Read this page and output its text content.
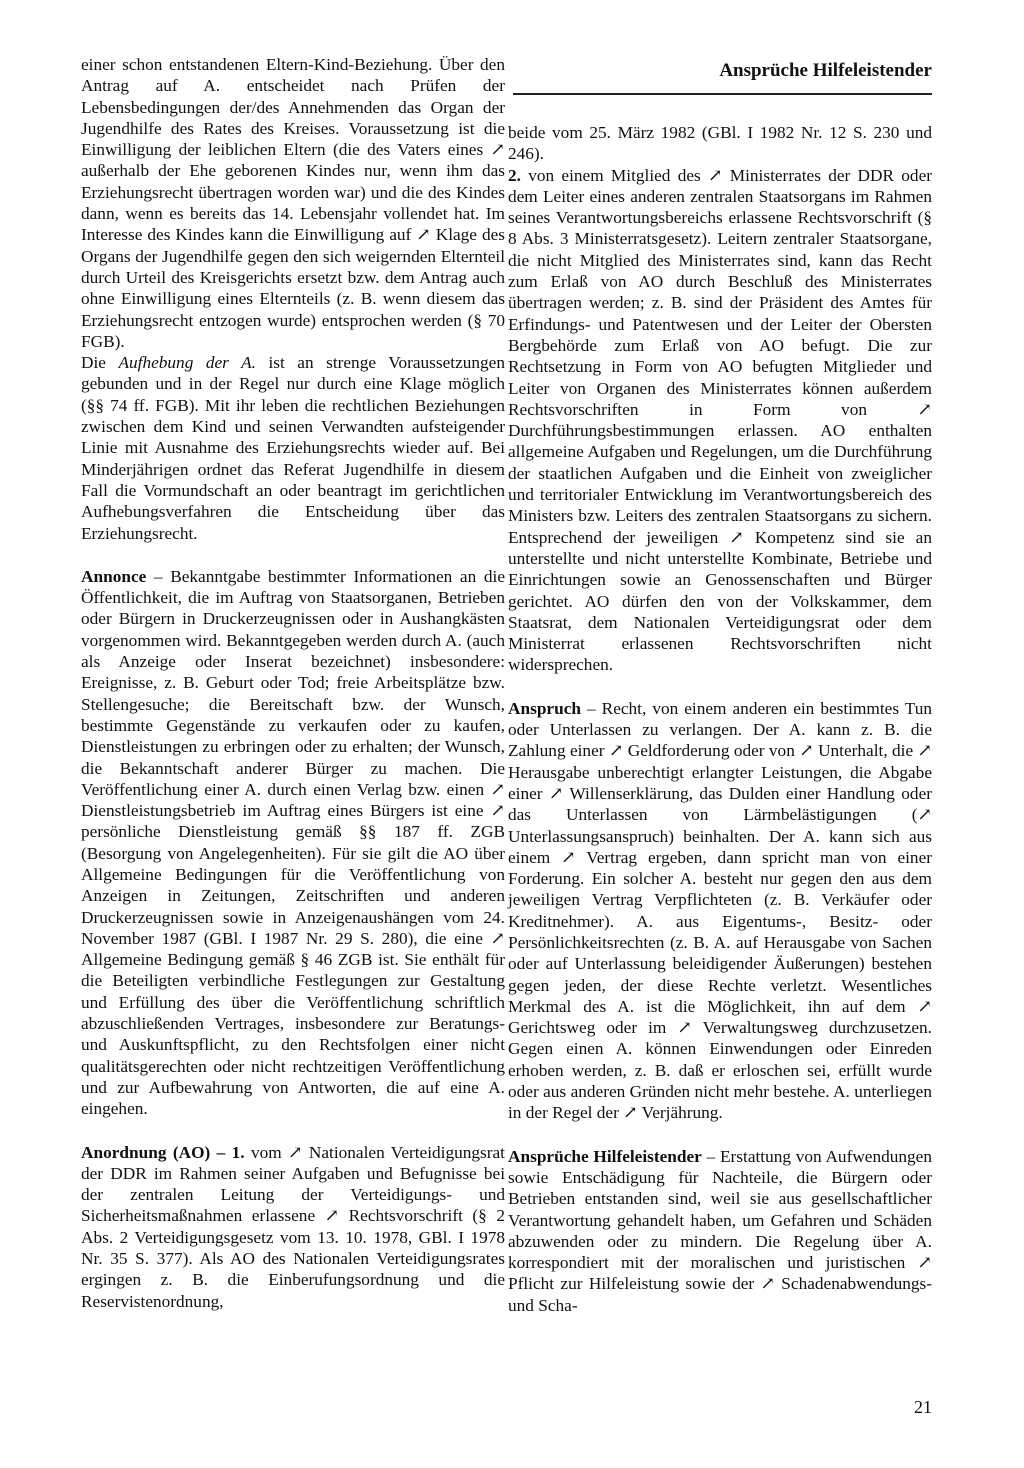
Ansprüche Hilfeleistender

einer schon entstandenen Eltern-Kind-Beziehung. Über den Antrag auf A. entscheidet nach Prüfen der Lebensbedingungen der/des Annehmenden das Organ der Jugendhilfe des Rates des Kreises. Voraussetzung ist die Einwilligung der leiblichen Eltern (die des Vaters eines ↗ außerhalb der Ehe geborenen Kindes nur, wenn ihm das Erziehungsrecht übertragen worden war) und die des Kindes dann, wenn es bereits das 14. Lebensjahr vollendet hat. Im Interesse des Kindes kann die Einwilligung auf ↗ Klage des Organs der Jugendhilfe gegen den sich weigernden Elternteil durch Urteil des Kreisgerichts ersetzt bzw. dem Antrag auch ohne Einwilligung eines Elternteils (z. B. wenn diesem das Erziehungsrecht entzogen wurde) entsprochen werden (§ 70 FGB).

Die Aufhebung der A. ist an strenge Voraussetzungen gebunden und in der Regel nur durch eine Klage möglich (§§ 74 ff. FGB). Mit ihr leben die rechtlichen Beziehungen zwischen dem Kind und seinen Verwandten aufsteigender Linie mit Ausnahme des Erziehungsrechts wieder auf. Bei Minderjährigen ordnet das Referat Jugendhilfe in diesem Fall die Vormundschaft an oder beantragt im gerichtlichen Aufhebungsverfahren die Entscheidung über das Erziehungsrecht.

Annonce – Bekanntgabe bestimmter Informationen an die Öffentlichkeit, die im Auftrag von Staatsorganen, Betrieben oder Bürgern in Druckerzeugnissen oder in Aushangkästen vorgenommen wird. Bekanntgegeben werden durch A. (auch als Anzeige oder Inserat bezeichnet) insbesondere: Ereignisse, z. B. Geburt oder Tod; freie Arbeitsplätze bzw. Stellengesuche; die Bereitschaft bzw. der Wunsch, bestimmte Gegenstände zu verkaufen oder zu kaufen, Dienstleistungen zu erbringen oder zu erhalten; der Wunsch, die Bekanntschaft anderer Bürger zu machen. Die Veröffentlichung einer A. durch einen Verlag bzw. einen ↗ Dienstleistungsbetrieb im Auftrag eines Bürgers ist eine ↗ persönliche Dienstleistung gemäß §§ 187 ff. ZGB (Besorgung von Angelegenheiten). Für sie gilt die AO über Allgemeine Bedingungen für die Veröffentlichung von Anzeigen in Zeitungen, Zeitschriften und anderen Druckerzeugnissen sowie in Anzeigenaushängen vom 24. November 1987 (GBl. I 1987 Nr. 29 S. 280), die eine ↗ Allgemeine Bedingung gemäß § 46 ZGB ist. Sie enthält für die Beteiligten verbindliche Festlegungen zur Gestaltung und Erfüllung des über die Veröffentlichung schriftlich abzuschließenden Vertrages, insbesondere zur Beratungs- und Auskunftspflicht, zu den Rechtsfolgen einer nicht qualitätsgerechten oder nicht rechtzeitigen Veröffentlichung und zur Aufbewahrung von Antworten, die auf eine A. eingehen.

Anordnung (AO) – 1. vom ↗ Nationalen Verteidigungsrat der DDR im Rahmen seiner Aufgaben und Befugnisse bei der zentralen Leitung der Verteidigungs- und Sicherheitsmaßnahmen erlassene ↗ Rechtsvorschrift (§ 2 Abs. 2 Verteidigungsgesetz vom 13. 10. 1978, GBl. I 1978 Nr. 35 S. 377). Als AO des Nationalen Verteidigungsrates ergingen z. B. die Einberufungsordnung und die Reservistenordnung,

beide vom 25. März 1982 (GBl. I 1982 Nr. 12 S. 230 und 246).

2. von einem Mitglied des ↗ Ministerrates der DDR oder dem Leiter eines anderen zentralen Staatsorgans im Rahmen seines Verantwortungsbereichs erlassene Rechtsvorschrift (§ 8 Abs. 3 Ministerratsgesetz). Leitern zentraler Staatsorgane, die nicht Mitglied des Ministerrates sind, kann das Recht zum Erlaß von AO durch Beschluß des Ministerrates übertragen werden; z. B. sind der Präsident des Amtes für Erfindungs- und Patentwesen und der Leiter der Obersten Bergbehörde zum Erlaß von AO befugt. Die zur Rechtsetzung in Form von AO befugten Mitglieder und Leiter von Organen des Ministerrates können außerdem Rechtsvorschriften in Form von ↗ Durchführungsbestimmungen erlassen. AO enthalten allgemeine Aufgaben und Regelungen, um die Durchführung der staatlichen Aufgaben und die Einheit von zweiglicher und territorialer Entwicklung im Verantwortungsbereich des Ministers bzw. Leiters des zentralen Staatsorgans zu sichern. Entsprechend der jeweiligen ↗ Kompetenz sind sie an unterstellte und nicht unterstellte Kombinate, Betriebe und Einrichtungen sowie an Genossenschaften und Bürger gerichtet. AO dürfen den von der Volkskammer, dem Staatsrat, dem Nationalen Verteidigungsrat oder dem Ministerrat erlassenen Rechtsvorschriften nicht widersprechen.

Anspruch – Recht, von einem anderen ein bestimmtes Tun oder Unterlassen zu verlangen. Der A. kann z. B. die Zahlung einer ↗ Geldforderung oder von ↗ Unterhalt, die ↗ Herausgabe unberechtigt erlangter Leistungen, die Abgabe einer ↗ Willenserklärung, das Dulden einer Handlung oder das Unterlassen von Lärmbelästigungen (↗ Unterlassungsanspruch) beinhalten. Der A. kann sich aus einem ↗ Vertrag ergeben, dann spricht man von einer Forderung. Ein solcher A. besteht nur gegen den aus dem jeweiligen Vertrag Verpflichteten (z. B. Verkäufer oder Kreditnehmer). A. aus Eigentums-, Besitz- oder Persönlichkeitsrechten (z. B. A. auf Herausgabe von Sachen oder auf Unterlassung beleidigender Äußerungen) bestehen gegen jeden, der diese Rechte verletzt. Wesentliches Merkmal des A. ist die Möglichkeit, ihn auf dem ↗ Gerichtsweg oder im ↗ Verwaltungsweg durchzusetzen. Gegen einen A. können Einwendungen oder Einreden erhoben werden, z. B. daß er erloschen sei, erfüllt wurde oder aus anderen Gründen nicht mehr bestehe. A. unterliegen in der Regel der ↗ Verjährung.

Ansprüche Hilfeleistender – Erstattung von Aufwendungen sowie Entschädigung für Nachteile, die Bürgern oder Betrieben entstanden sind, weil sie aus gesellschaftlicher Verantwortung gehandelt haben, um Gefahren und Schäden abzuwenden oder zu mindern. Die Regelung über A. korrespondiert mit der moralischen und juristischen ↗ Pflicht zur Hilfeleistung sowie der ↗ Schadenabwendungs- und Scha-

21
